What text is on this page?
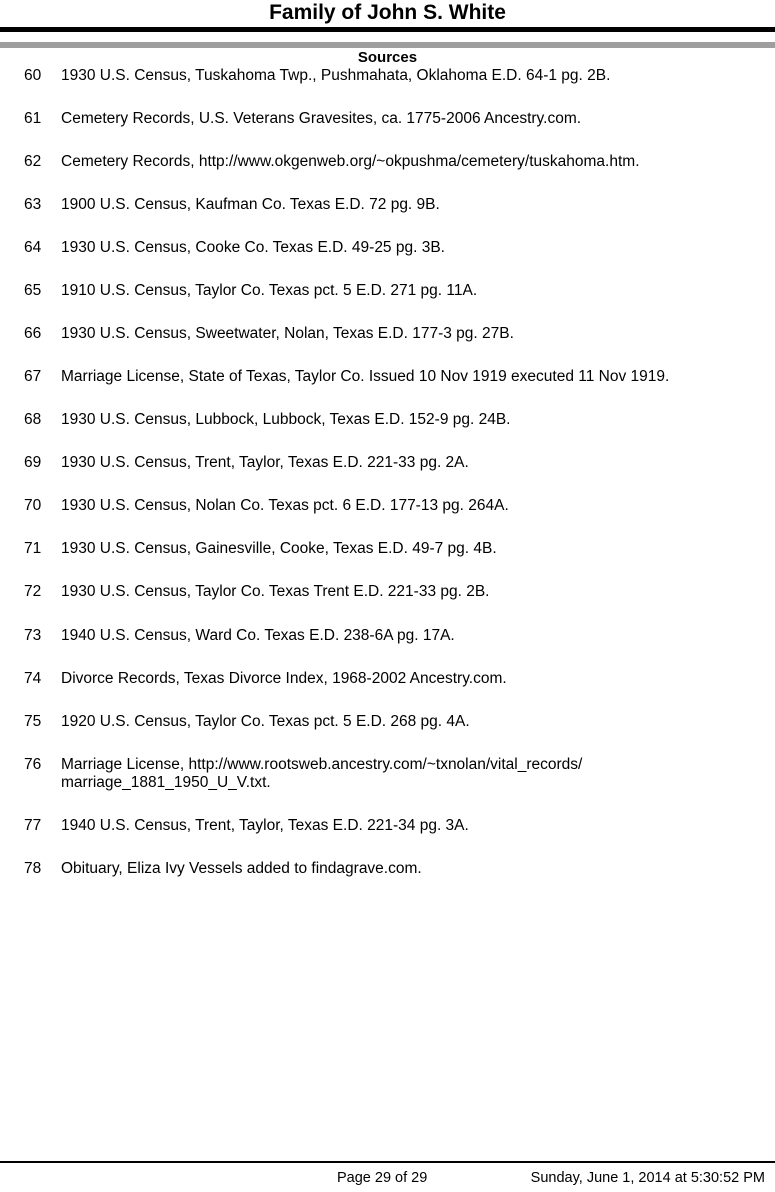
Family of John S. White
Sources
60 1930 U.S. Census, Tuskahoma Twp., Pushmahata, Oklahoma E.D. 64-1 pg. 2B.
61 Cemetery Records, U.S. Veterans Gravesites, ca. 1775-2006 Ancestry.com.
62 Cemetery Records, http://www.okgenweb.org/~okpushma/cemetery/tuskahoma.htm.
63 1900 U.S. Census, Kaufman Co. Texas E.D. 72 pg. 9B.
64 1930 U.S. Census, Cooke Co. Texas E.D. 49-25 pg. 3B.
65 1910 U.S. Census, Taylor Co. Texas pct. 5 E.D. 271 pg. 11A.
66 1930 U.S. Census, Sweetwater, Nolan, Texas E.D. 177-3 pg. 27B.
67 Marriage License, State of Texas, Taylor Co. Issued 10 Nov 1919 executed 11 Nov 1919.
68 1930 U.S. Census, Lubbock, Lubbock, Texas E.D. 152-9 pg. 24B.
69 1930 U.S. Census, Trent, Taylor, Texas E.D. 221-33 pg. 2A.
70 1930 U.S. Census, Nolan Co. Texas pct. 6 E.D. 177-13 pg. 264A.
71 1930 U.S. Census, Gainesville, Cooke, Texas E.D. 49-7 pg. 4B.
72 1930 U.S. Census, Taylor Co. Texas Trent E.D. 221-33 pg. 2B.
73 1940 U.S. Census, Ward Co. Texas E.D. 238-6A pg. 17A.
74 Divorce Records, Texas Divorce Index, 1968-2002 Ancestry.com.
75 1920 U.S. Census, Taylor Co. Texas pct. 5 E.D. 268 pg. 4A.
76 Marriage License, http://www.rootsweb.ancestry.com/~txnolan/vital_records/
marriage_1881_1950_U_V.txt.
77 1940 U.S. Census, Trent, Taylor, Texas E.D. 221-34 pg. 3A.
78 Obituary, Eliza Ivy Vessels added to findagrave.com.
Page 29 of 29	Sunday, June 1, 2014 at 5:30:52 PM
